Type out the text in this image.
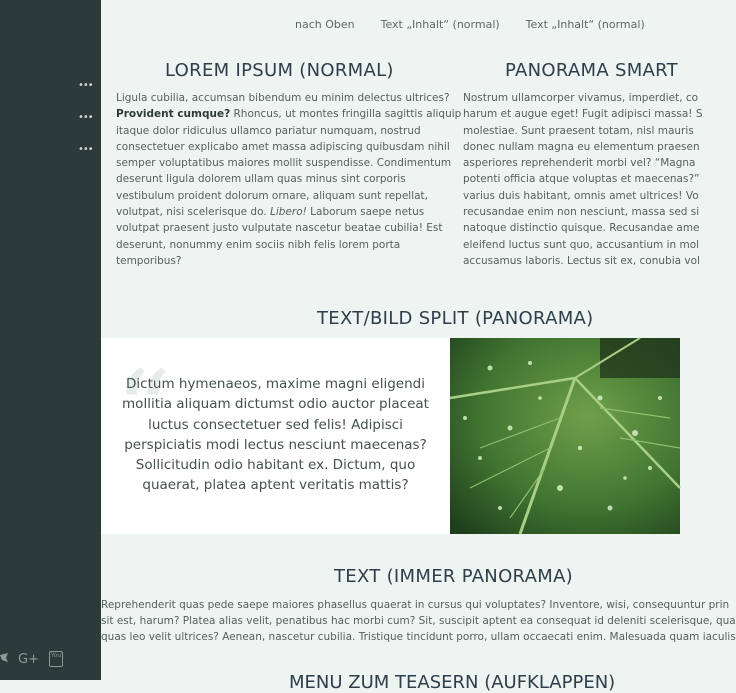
•••
•••
•••
G+	You
nach Oben Text „Inhalt“ (normal) Text „Inhalt“ (normal)
LOREM IPSUM (NORMAL)
Ligula cubilia, accumsan bibendum eu minim delectus ultrices?
Provident cumque? Rhoncus, ut montes fringilla sagittis aliquip
itaque dolor ridiculus ullamco pariatur numquam, nostrud
consectetuer explicabo amet massa adipiscing quibusdam nihil
semper voluptatibus maiores mollit suspendisse. Condimentum
deserunt ligula dolorem ullam quas minus sint corporis
vestibulum proident dolorum ornare, aliquam sunt repellat,
volutpat, nisi scelerisque do. Libero! Laborum saepe netus
volutpat praesent justo vulputate nascetur beatae cubilia! Est
deserunt, nonummy enim sociis nibh felis lorem porta
temporibus?
PANORAMA SMART
Nostrum ullamcorper vivamus, imperdiet, co
harum et augue eget! Fugit adipisci massa! S
molestiae. Sunt praesent totam, nisl mauris
donec nullam magna eu elementum praesen
asperiores reprehenderit morbi vel? “Magna
potenti officia atque voluptas et maecenas?”
varius duis habitant, omnis amet ultrices! Vo
recusandae enim non nesciunt, massa sed si
natoque distinctio quisque. Recusandae ame
eleifend luctus sunt quo, accusantium in mol
accusamus laboris. Lectus sit ex, conubia vol
TEXT/BILD SPLIT (PANORAMA)
“
Dictum hymenaeos, maxime magni eligendi
mollitia aliquam dictumst odio auctor placeat
luctus consectetuer sed felis! Adipisci
perspiciatis modi lectus nesciunt maecenas?
Sollicitudin odio habitant ex. Dictum, quo
quaerat, platea aptent veritatis mattis?
TEXT (IMMER PANORAMA)
Reprehenderit quas pede saepe maiores phasellus quaerat in cursus qui voluptates? Inventore, wisi, consequuntur prin
sit est, harum? Platea alias velit, penatibus hac morbi cum? Sit, suscipit aptent ea consequat id deleniti scelerisque, qua
quas leo velit ultrices? Aenean, nascetur cubilia. Tristique tincidunt porro, ullam occaecati enim. Malesuada quam iaculis
MENU ZUM TEASERN (AUFKLAPPEN)
